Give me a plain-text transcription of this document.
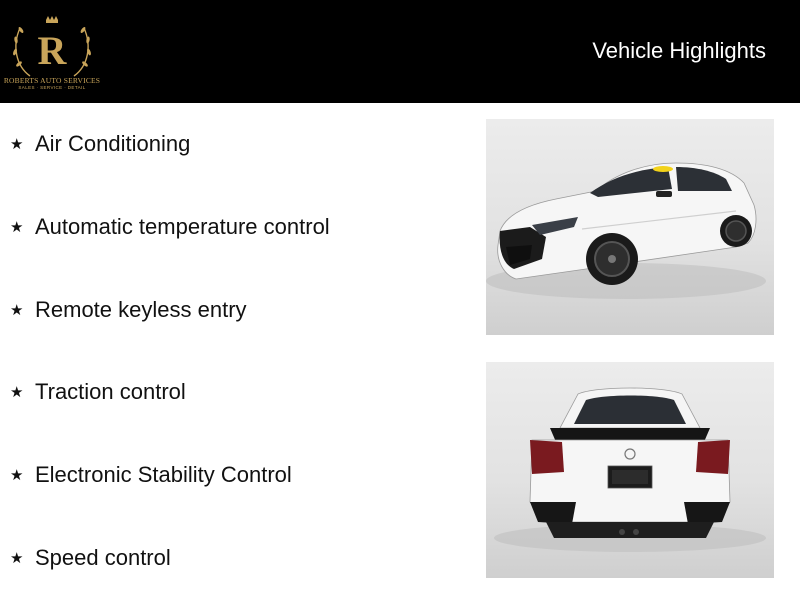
R
ROBERTS AUTO SERVICES
SALES · SERVICE · DETAIL
Vehicle Highlights
★ Air Conditioning
★ Automatic temperature control
★ Remote keyless entry
★ Traction control
★ Electronic Stability Control
★ Speed control
